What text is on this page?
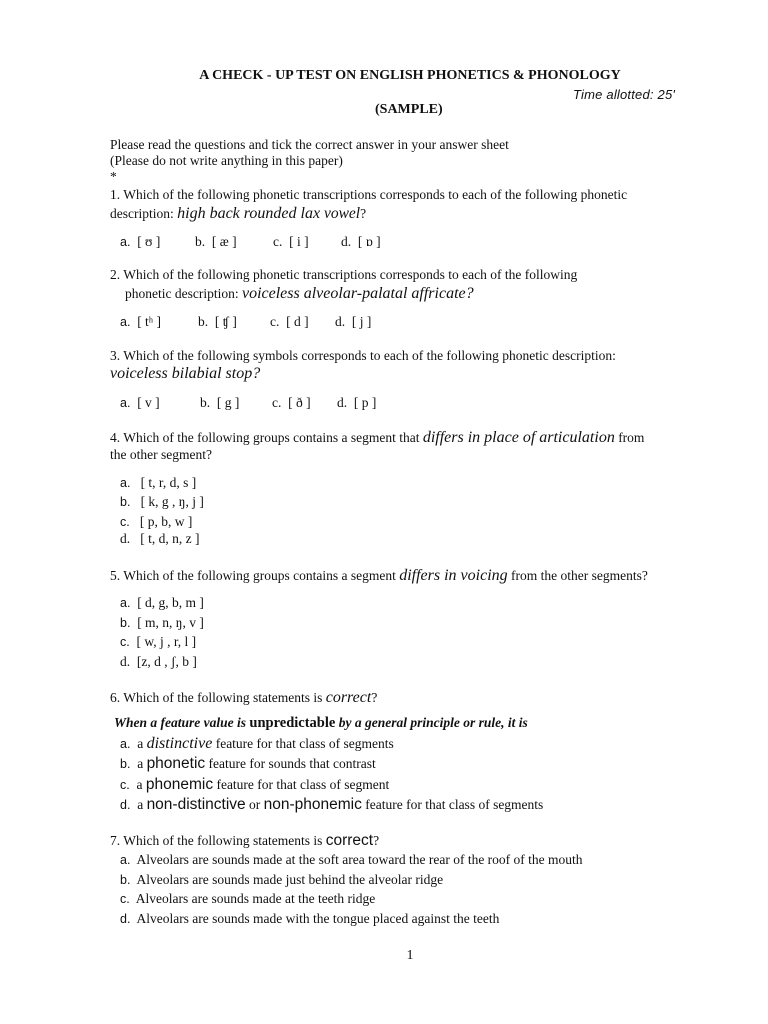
A CHECK - UP TEST ON ENGLISH PHONETICS & PHONOLOGY
Time allotted: 25'
(SAMPLE)
Please read the questions and tick the correct answer in your answer sheet
(Please do not write anything in this paper)
*
1. Which of the following phonetic transcriptions corresponds to each of the following phonetic
description: high back rounded lax vowel?
a. [ ʊ ]	b. [ æ ]	c. [ i ] d. [ ɒ ]
2. Which of the following phonetic transcriptions corresponds to each of the following
phonetic description: voiceless alveolar-palatal affricate?
a. [ tʰ ]	b. [ ʧ ] c. [ d ] d. [ j ]
3. Which of the following symbols corresponds to each of the following phonetic description:
voiceless bilabial stop?
a. [ v ]	b. [ g ] c. [ ð ] d. [ p ]
4. Which of the following groups contains a segment that differs in place of articulation from
the other segment?
a. [ t, r, d, s ]
b. [ k, g , ŋ, j ]
c. [ p, b, w ]
d. [ t, d, n, z ]
5. Which of the following groups contains a segment differs in voicing from the other segments?
a. [ d, g, b, m ]
b. [ m, n, ŋ, v ]
c. [ w, j , r, l ]
d. [z, d , ʃ, b ]
6. Which of the following statements is correct?
When a feature value is unpredictable by a general principle or rule, it is
a. a distinctive feature for that class of segments
b. a phonetic feature for sounds that contrast
c. a phonemic feature for that class of segment
d. a non-distinctive or non-phonemic feature for that class of segments
7. Which of the following statements is correct?
a. Alveolars are sounds made at the soft area toward the rear of the roof of the mouth
b. Alveolars are sounds made just behind the alveolar ridge
c. Alveolars are sounds made at the teeth ridge
d. Alveolars are sounds made with the tongue placed against the teeth
1
